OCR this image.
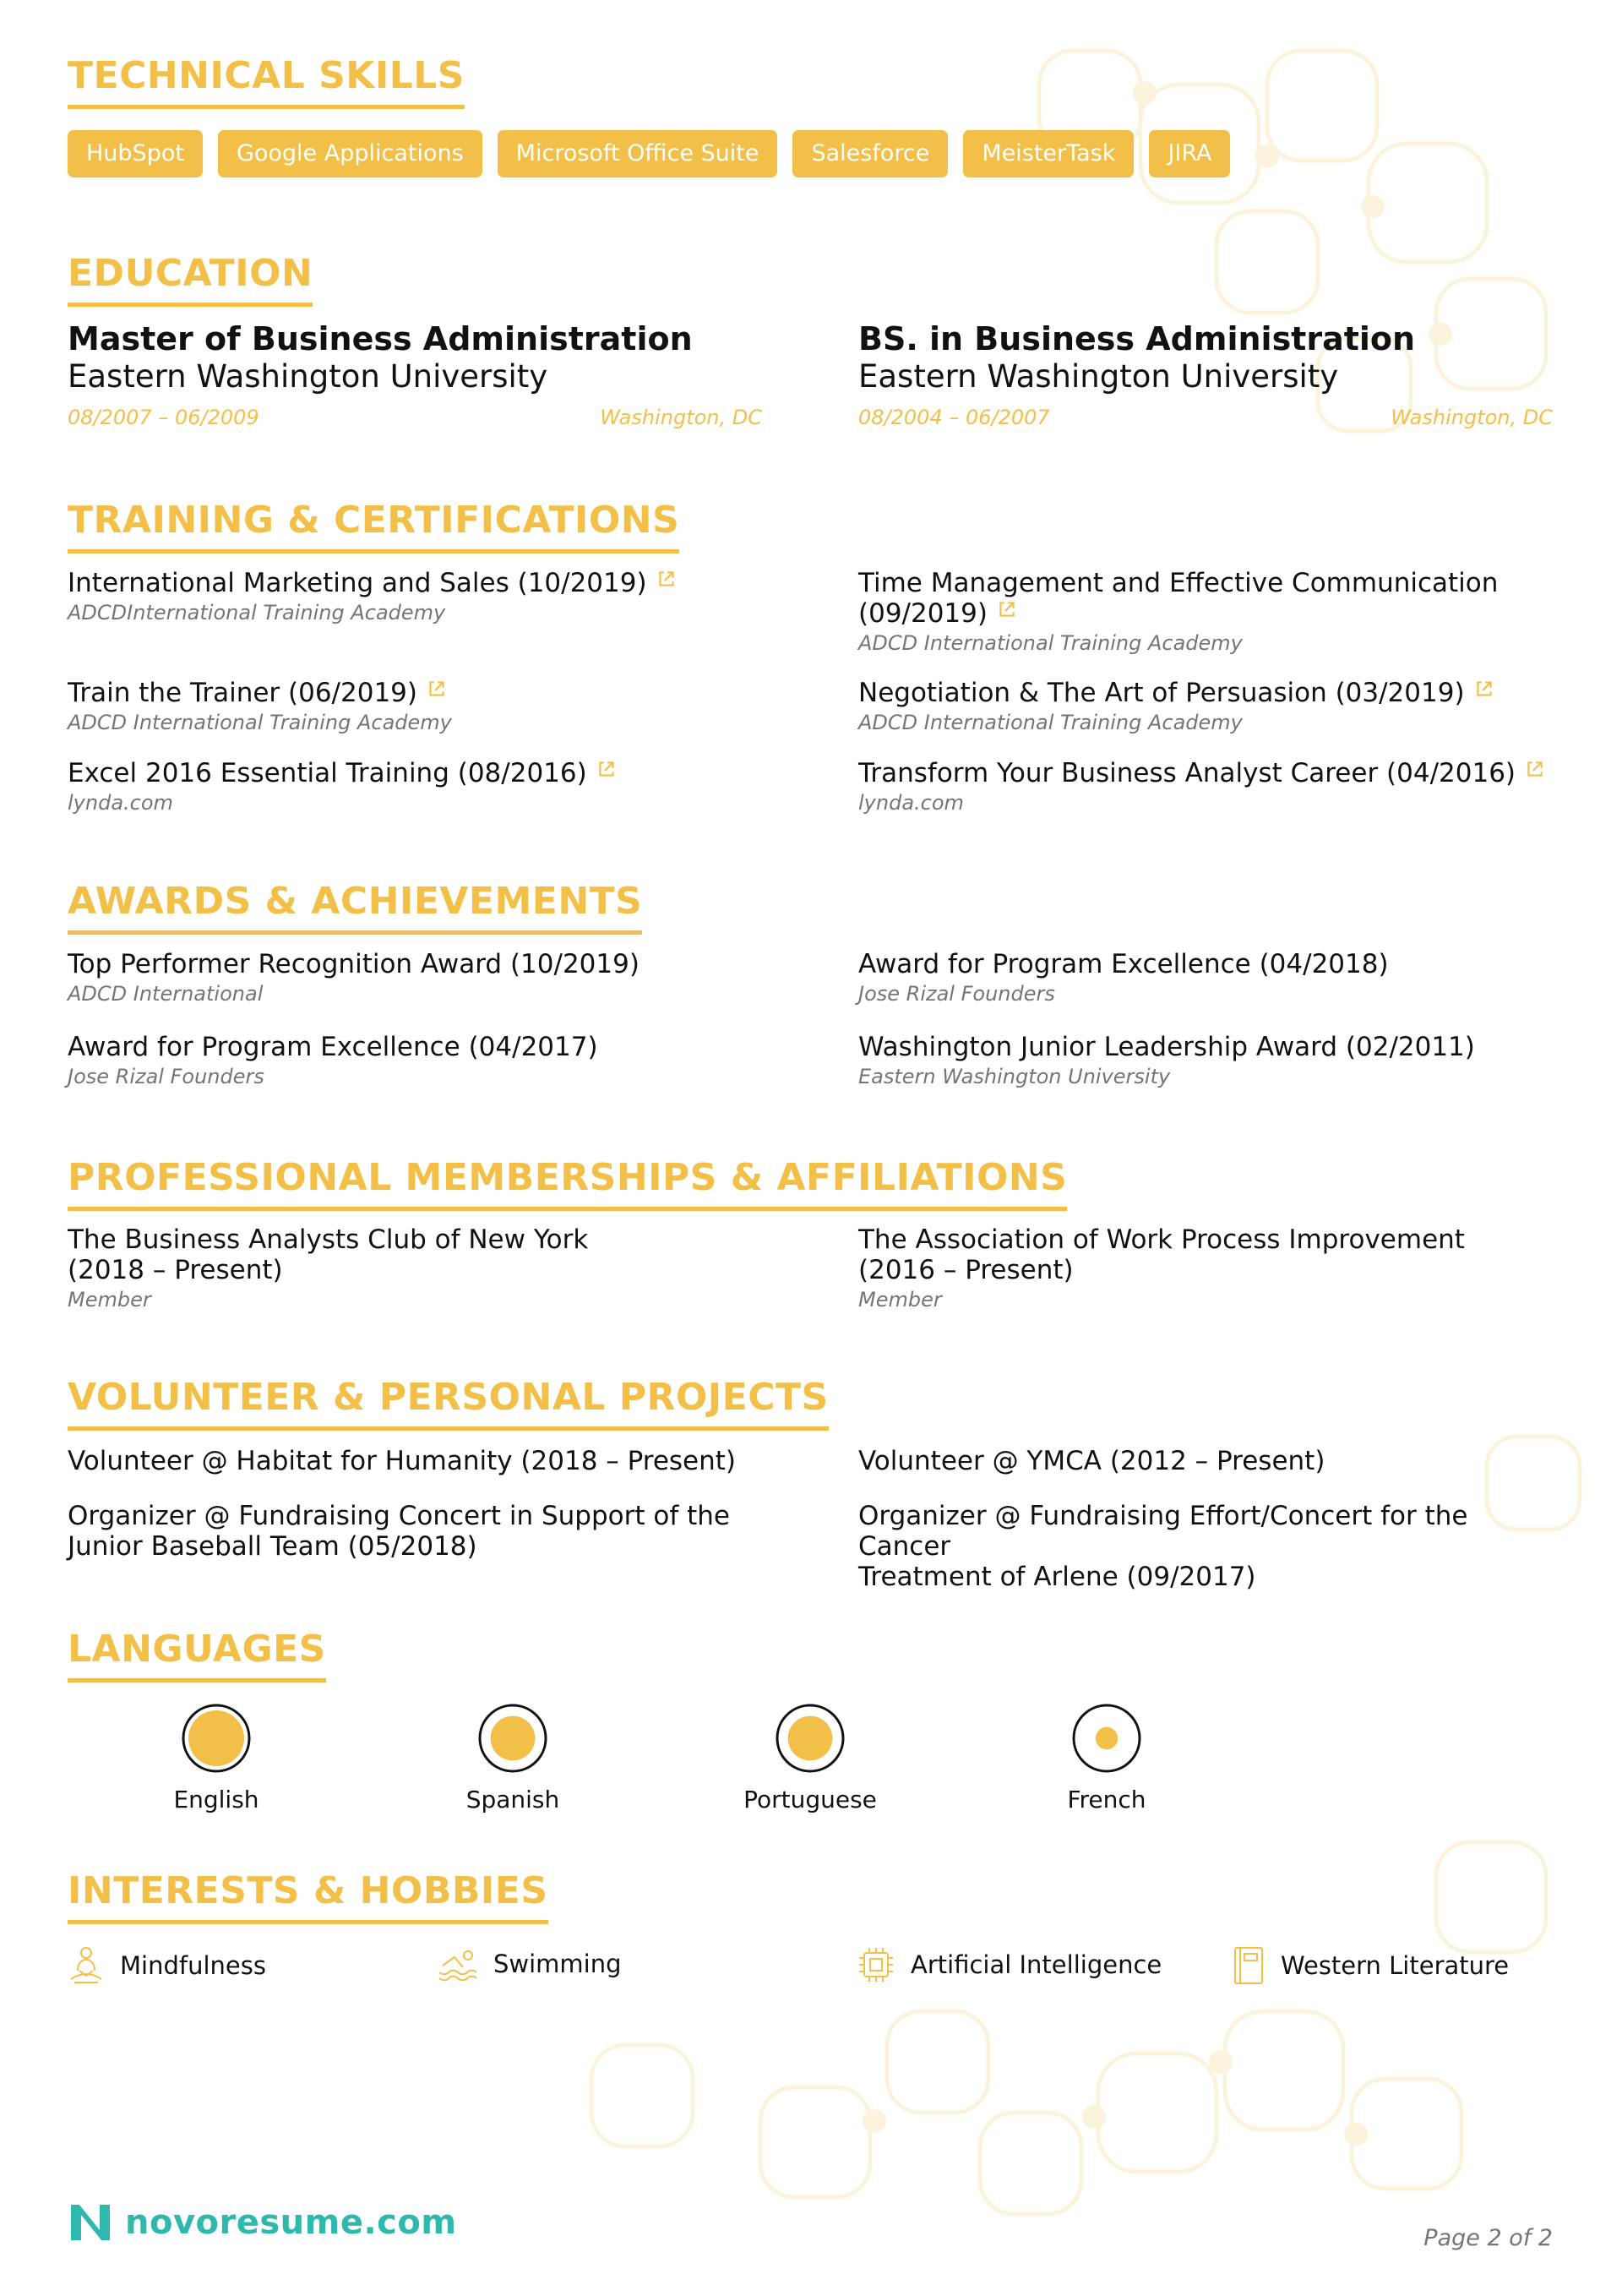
TECHNICAL SKILLS
HubSpot	Google Applications	Microsoft Office Suite	Salesforce	MeisterTask	JIRA
EDUCATION
Master of Business Administration
Eastern Washington University
08/2007 – 06/2009	Washington, DC
BS. in Business Administration
Eastern Washington University
08/2004 – 06/2007	Washington, DC
TRAINING & CERTIFICATIONS
International Marketing and Sales (10/2019)
ADCDInternational Training Academy
Time Management and Effective Communication
(09/2019)
ADCD International Training Academy
Train the Trainer (06/2019)
ADCD International Training Academy
Negotiation & The Art of Persuasion (03/2019)
ADCD International Training Academy
Excel 2016 Essential Training (08/2016)
lynda.com
Transform Your Business Analyst Career (04/2016)
lynda.com
AWARDS & ACHIEVEMENTS
Top Performer Recognition Award (10/2019)
ADCD International
Award for Program Excellence (04/2018)
Jose Rizal Founders
Award for Program Excellence (04/2017)
Jose Rizal Founders
Washington Junior Leadership Award (02/2011)
Eastern Washington University
PROFESSIONAL MEMBERSHIPS & AFFILIATIONS
The Business Analysts Club of New York
(2018 – Present)
Member
The Association of Work Process Improvement
(2016 – Present)
Member
VOLUNTEER & PERSONAL PROJECTS
Volunteer @ Habitat for Humanity (2018 – Present)	Volunteer @ YMCA (2012 – Present)
Organizer @ Fundraising Concert in Support of the
Junior Baseball Team (05/2018)
Organizer @ Fundraising Effort/Concert for the Cancer
Treatment of Arlene (09/2017)
LANGUAGES
English	Spanish	Portuguese	French
INTERESTS & HOBBIES
Mindfulness	Swimming	Artificial Intelligence	Western Literature
novoresume.com	Page 2 of 2
